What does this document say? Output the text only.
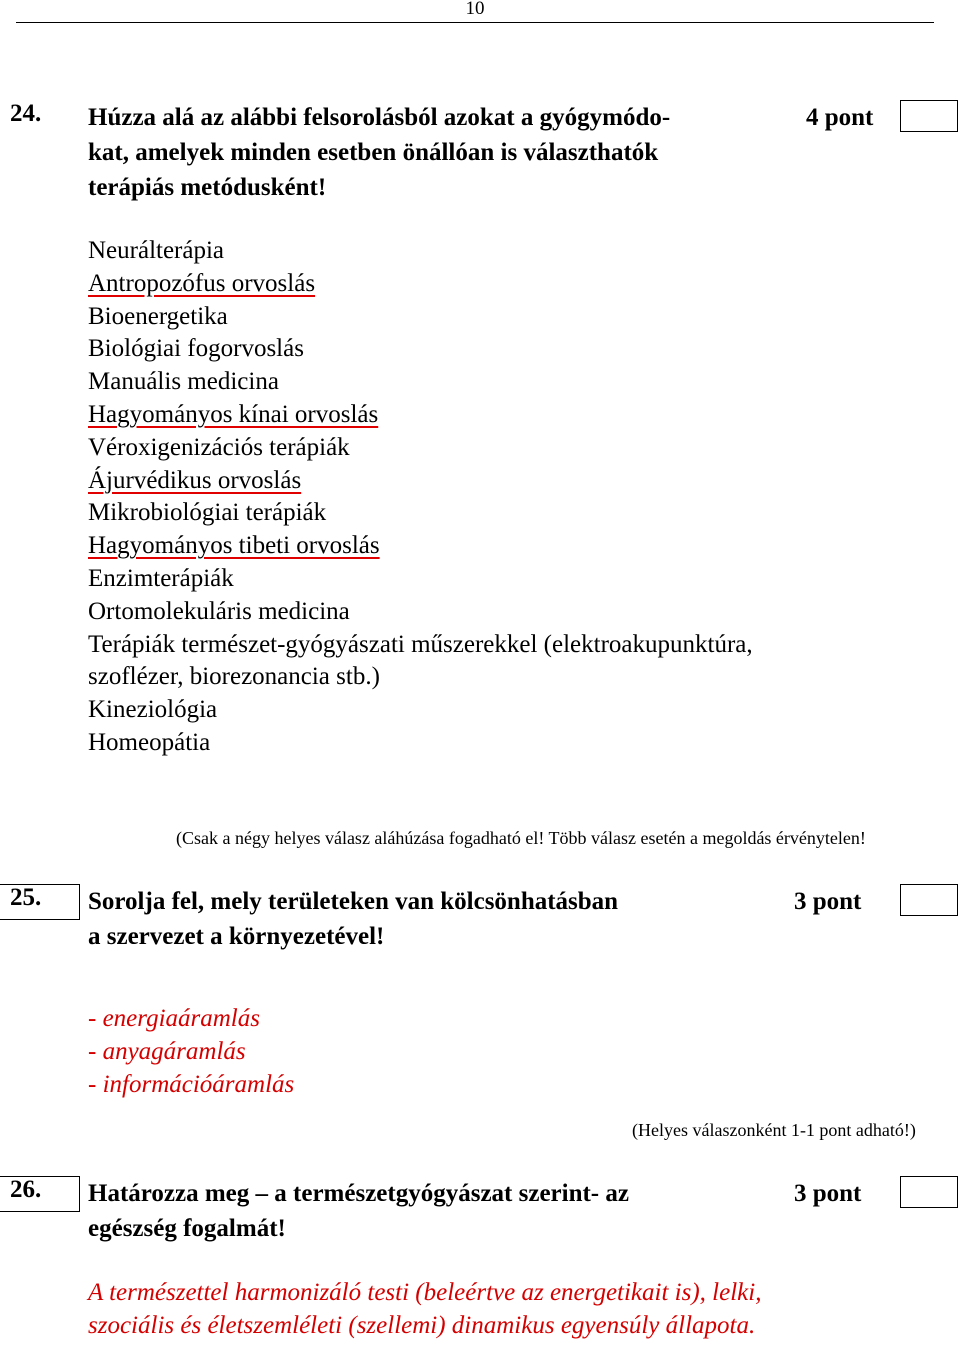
10
24. Húzza alá az alábbi felsorolásból azokat a gyógymódo-
kat, amelyek minden esetben önállóan is választhatók
terápiás metódusként!
4 pont
Neurálterápia
Antropozófus orvoslás
Bioenergetika
Biológiai fogorvoslás
Manuális medicina
Hagyományos kínai orvoslás
Véroxigenizációs terápiák
Ájurvédikus orvoslás
Mikrobiológiai terápiák
Hagyományos tibeti orvoslás
Enzimterápiák
Ortomolekuláris medicina
Terápiák természet-gyógyászati műszerekkel (elektroakupunktúra,
szoflézer, biorezonancia stb.)
Kineziológia
Homeopátia
(Csak a négy helyes válasz aláhúzása fogadható el! Több válasz esetén a megoldás érvénytelen!
25. Sorolja fel, mely területeken van kölcsönhatásban
a szervezet a környezetével!
3 pont
- energiaáramlás
- anyagáramlás
- információáramlás
(Helyes válaszonként 1-1 pont adható!)
26. Határozza meg – a természetgyógyászat szerint- az
egészség fogalmát!
3 pont
A természettel harmonizáló testi (beleértve az energetikait is), lelki,
szociális és életszemléleti (szellemi) dinamikus egyensúly állapota.
